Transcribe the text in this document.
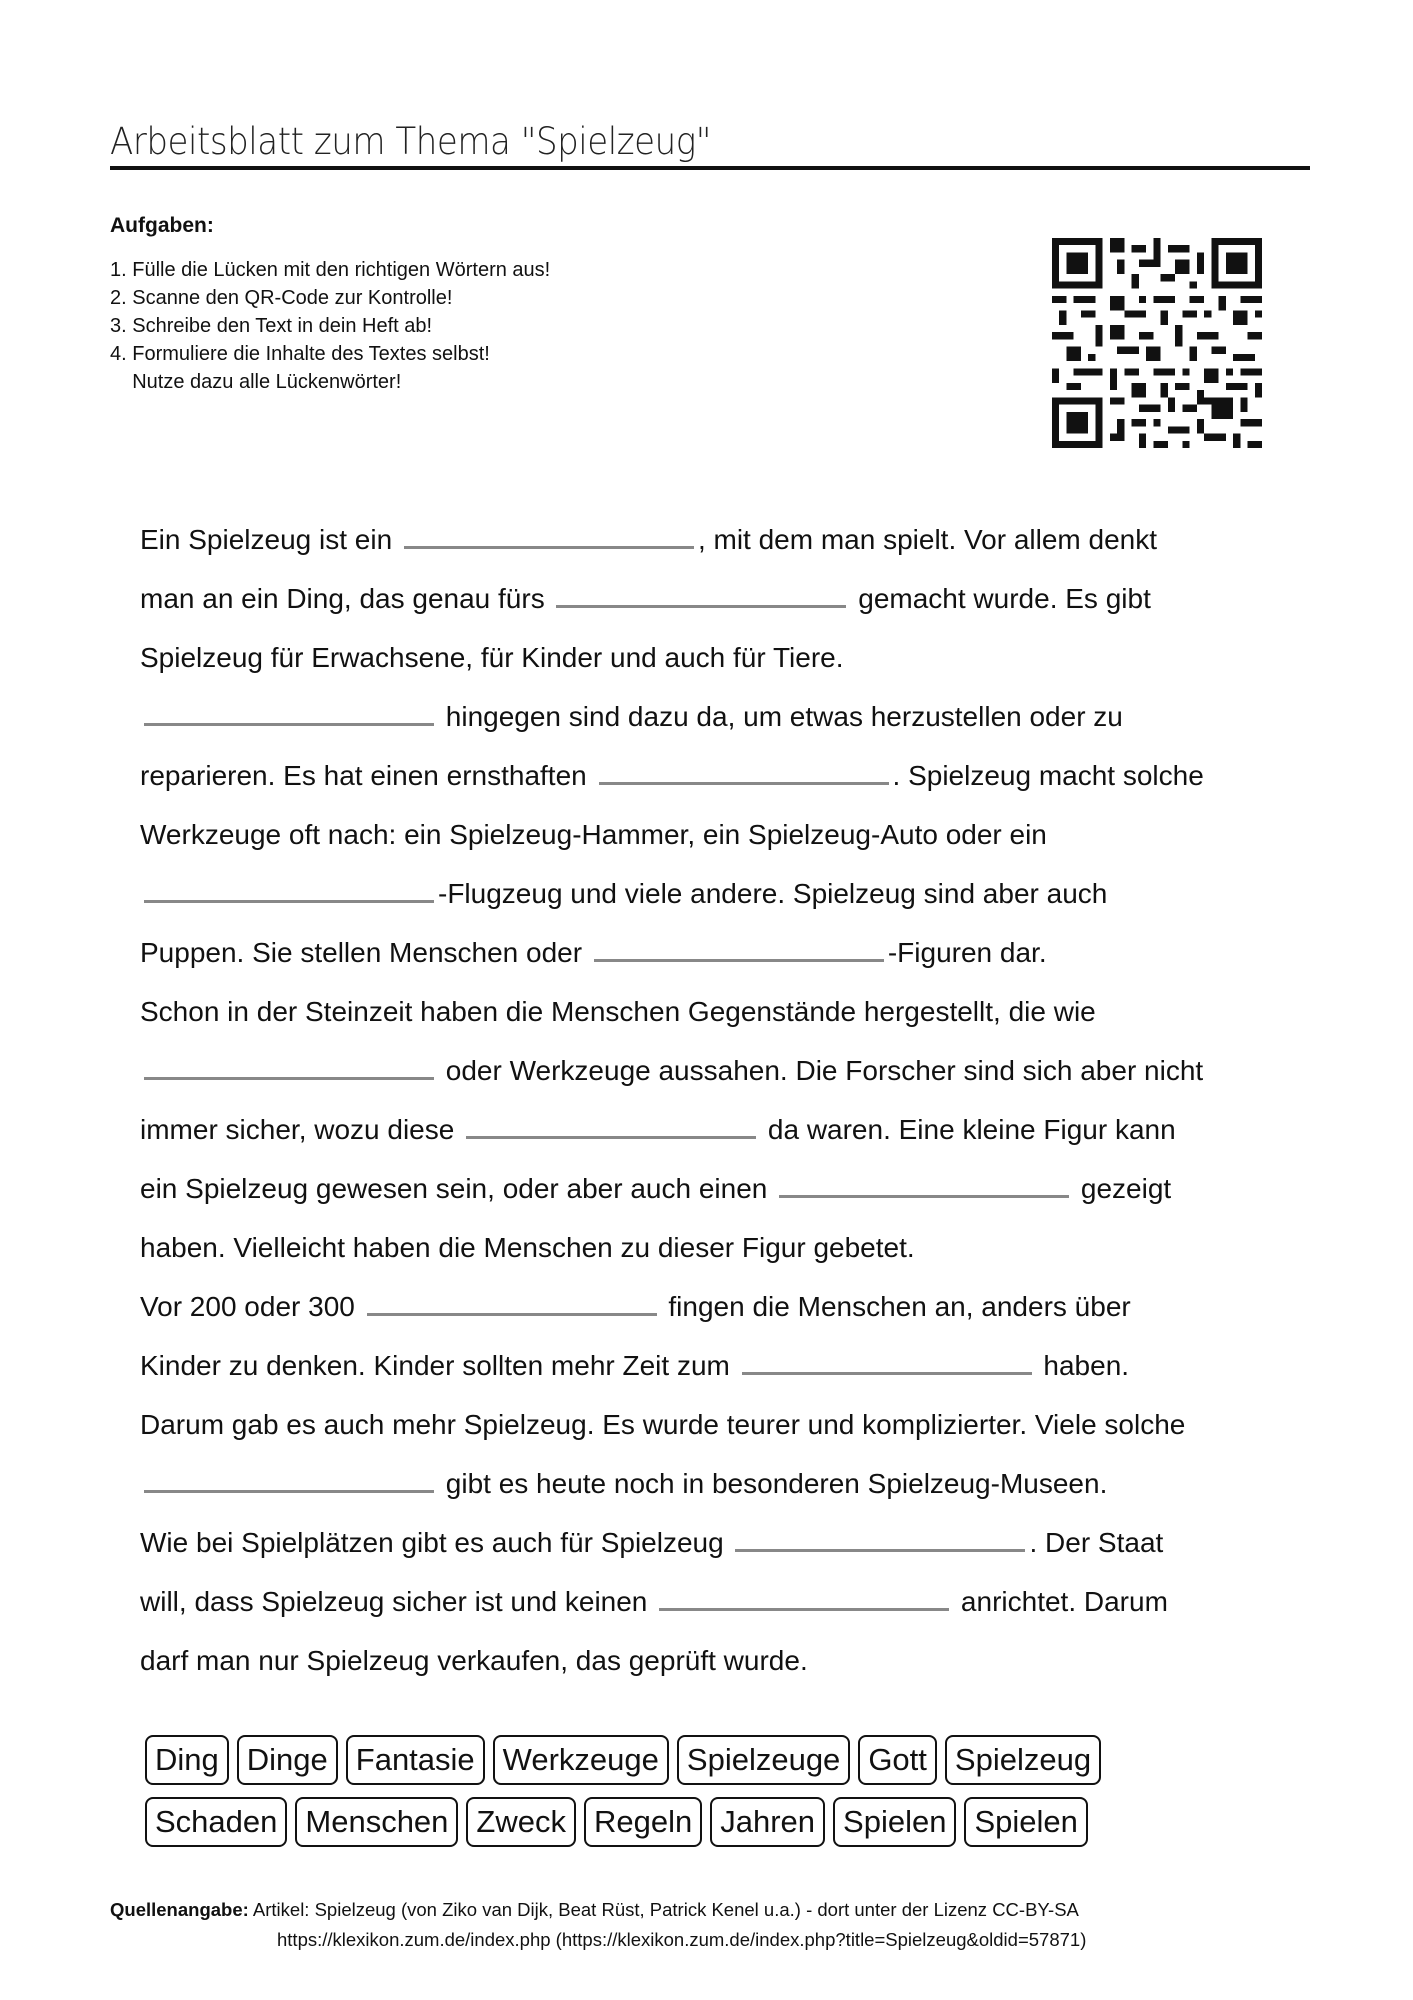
Arbeitsblatt zum Thema "Spielzeug"
Aufgaben:
1. Fülle die Lücken mit den richtigen Wörtern aus!
2. Scanne den QR-Code zur Kontrolle!
3. Schreibe den Text in dein Heft ab!
4. Formuliere die Inhalte des Textes selbst!
Nutze dazu alle Lückenwörter!
Ein Spielzeug ist ein	, mit dem man spielt. Vor allem denkt
man an ein Ding, das genau fürs	gemacht wurde. Es gibt
Spielzeug für Erwachsene, für Kinder und auch für Tiere.
hingegen sind dazu da, um etwas herzustellen oder zu
reparieren. Es hat einen ernsthaften	. Spielzeug macht solche
Werkzeuge oft nach: ein Spielzeug-Hammer, ein Spielzeug-Auto oder ein
-Flugzeug und viele andere. Spielzeug sind aber auch
Puppen. Sie stellen Menschen oder	-Figuren dar.
Schon in der Steinzeit haben die Menschen Gegenstände hergestellt, die wie
oder Werkzeuge aussahen. Die Forscher sind sich aber nicht
immer sicher, wozu diese	da waren. Eine kleine Figur kann
ein Spielzeug gewesen sein, oder aber auch einen	gezeigt
haben. Vielleicht haben die Menschen zu dieser Figur gebetet.
Vor 200 oder 300	fingen die Menschen an, anders über
Kinder zu denken. Kinder sollten mehr Zeit zum	haben.
Darum gab es auch mehr Spielzeug. Es wurde teurer und komplizierter. Viele solche
gibt es heute noch in besonderen Spielzeug-Museen.
Wie bei Spielplätzen gibt es auch für Spielzeug	. Der Staat
will, dass Spielzeug sicher ist und keinen	anrichtet. Darum
darf man nur Spielzeug verkaufen, das geprüft wurde.
Ding Dinge Fantasie Werkzeuge Spielzeuge Gott Spielzeug
Schaden Menschen Zweck Regeln Jahren Spielen Spielen
Quellenangabe: Artikel: Spielzeug (von Ziko van Dijk, Beat Rüst, Patrick Kenel u.a.) - dort unter der Lizenz CC-BY-SA
https://klexikon.zum.de/index.php (https://klexikon.zum.de/index.php?title=Spielzeug&oldid=57871)
